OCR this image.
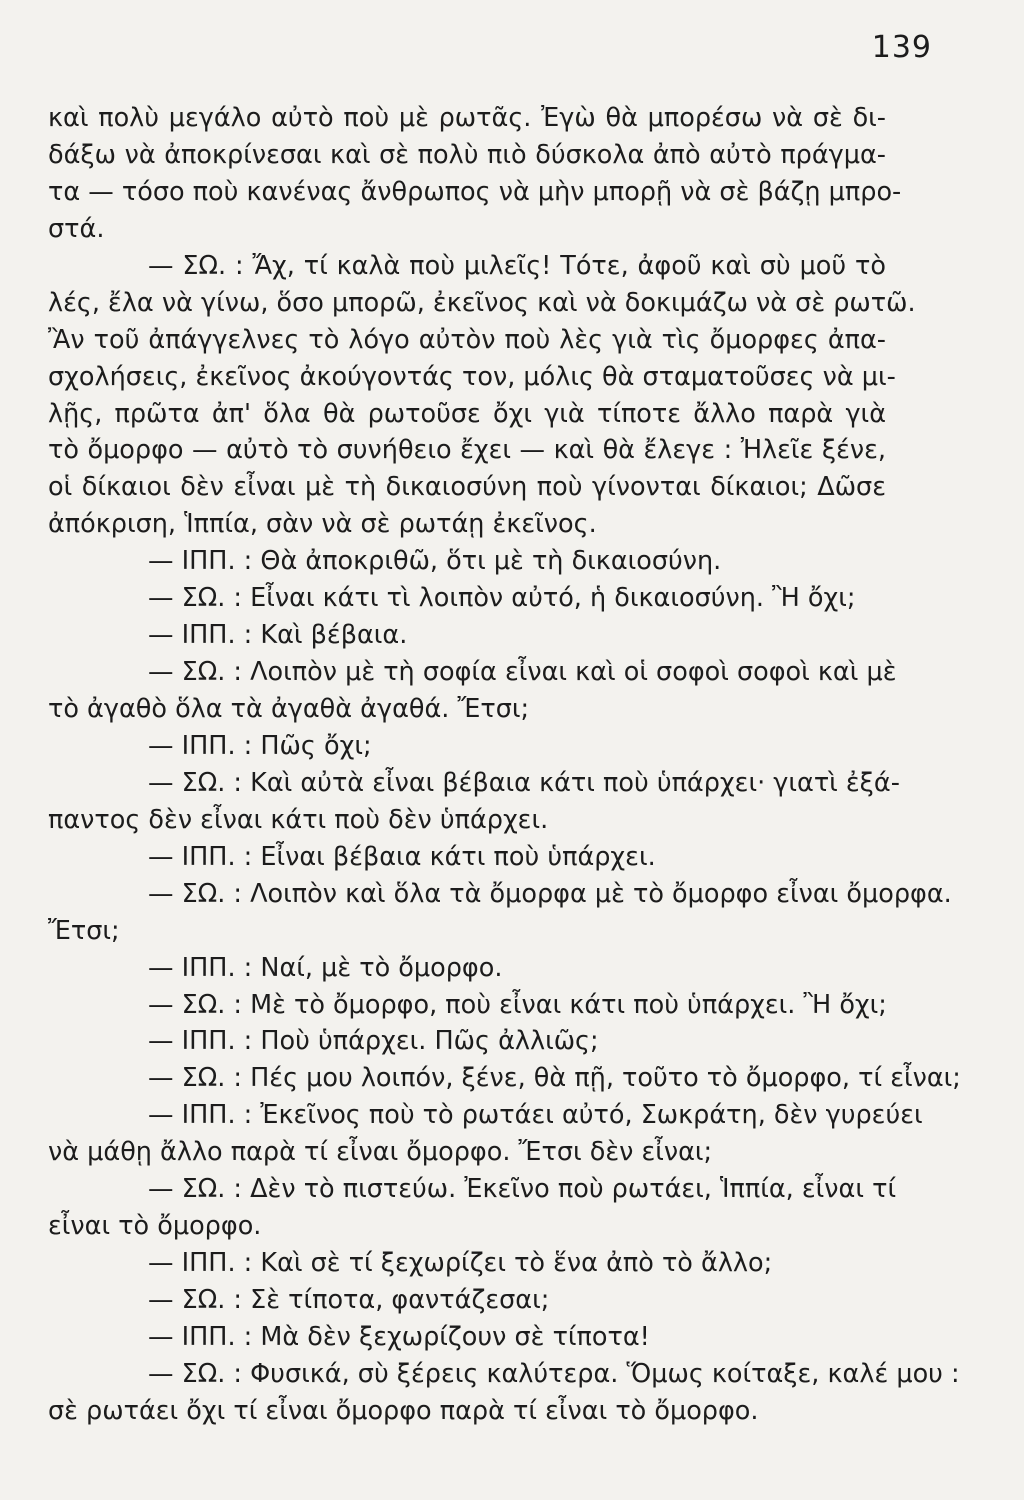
139
καὶ πολὺ μεγάλο αὐτὸ ποὺ μὲ ρωτᾶς. Ἐγὼ θὰ μπορέσω νὰ σὲ δι-
δάξω νὰ ἀποκρίνεσαι καὶ σὲ πολὺ πιὸ δύσκολα ἀπὸ αὐτὸ πράγμα-
τα — τόσο ποὺ κανένας ἄνθρωπος νὰ μὴν μπορῇ νὰ σὲ βάζῃ μπρο-
στά.
— ΣΩ. : Ἄχ, τί καλὰ ποὺ μιλεῖς! Τότε, ἀφοῦ καὶ σὺ μοῦ τὸ
λές, ἔλα νὰ γίνω, ὅσο μπορῶ, ἐκεῖνος καὶ νὰ δοκιμάζω νὰ σὲ ρωτῶ.
Ἂν τοῦ ἀπάγγελνες τὸ λόγο αὐτὸν ποὺ λὲς γιὰ τὶς ὄμορφες ἀπα-
σχολήσεις, ἐκεῖνος ἀκούγοντάς τον, μόλις θὰ σταματοῦσες νὰ μι-
λῇς, πρῶτα ἀπ' ὅλα θὰ ρωτοῦσε ὄχι γιὰ τίποτε ἄλλο παρὰ γιὰ
τὸ ὄμορφο — αὐτὸ τὸ συνήθειο ἔχει — καὶ θὰ ἔλεγε : Ἠλεῖε ξένε,
οἱ δίκαιοι δὲν εἶναι μὲ τὴ δικαιοσύνη ποὺ γίνονται δίκαιοι; Δῶσε
ἀπόκριση, Ἱππία, σὰν νὰ σὲ ρωτάῃ ἐκεῖνος.
— ΙΠΠ. : Θὰ ἀποκριθῶ, ὅτι μὲ τὴ δικαιοσύνη.
— ΣΩ. : Εἶναι κάτι τὶ λοιπὸν αὐτό, ἡ δικαιοσύνη. Ἢ ὄχι;
— ΙΠΠ. : Καὶ βέβαια.
— ΣΩ. : Λοιπὸν μὲ τὴ σοφία εἶναι καὶ οἱ σοφοὶ σοφοὶ καὶ μὲ
τὸ ἀγαθὸ ὅλα τὰ ἀγαθὰ ἀγαθά. Ἔτσι;
— ΙΠΠ. : Πῶς ὄχι;
— ΣΩ. : Καὶ αὐτὰ εἶναι βέβαια κάτι ποὺ ὑπάρχει· γιατὶ ἐξά-
παντος δὲν εἶναι κάτι ποὺ δὲν ὑπάρχει.
— ΙΠΠ. : Εἶναι βέβαια κάτι ποὺ ὑπάρχει.
— ΣΩ. : Λοιπὸν καὶ ὅλα τὰ ὄμορφα μὲ τὸ ὄμορφο εἶναι ὄμορφα.
Ἔτσι;
— ΙΠΠ. : Ναί, μὲ τὸ ὄμορφο.
— ΣΩ. : Μὲ τὸ ὄμορφο, ποὺ εἶναι κάτι ποὺ ὑπάρχει. Ἢ ὄχι;
— ΙΠΠ. : Ποὺ ὑπάρχει. Πῶς ἀλλιῶς;
— ΣΩ. : Πές μου λοιπόν, ξένε, θὰ πῇ, τοῦτο τὸ ὄμορφο, τί εἶναι;
— ΙΠΠ. : Ἐκεῖνος ποὺ τὸ ρωτάει αὐτό, Σωκράτη, δὲν γυρεύει
νὰ μάθῃ ἄλλο παρὰ τί εἶναι ὄμορφο. Ἔτσι δὲν εἶναι;
— ΣΩ. : Δὲν τὸ πιστεύω. Ἐκεῖνο ποὺ ρωτάει, Ἱππία, εἶναι τί
εἶναι τὸ ὄμορφο.
— ΙΠΠ. : Καὶ σὲ τί ξεχωρίζει τὸ ἕνα ἀπὸ τὸ ἄλλο;
— ΣΩ. : Σὲ τίποτα, φαντάζεσαι;
— ΙΠΠ. : Μὰ δὲν ξεχωρίζουν σὲ τίποτα!
— ΣΩ. : Φυσικά, σὺ ξέρεις καλύτερα. Ὅμως κοίταξε, καλέ μου :
σὲ ρωτάει ὄχι τί εἶναι ὄμορφο παρὰ τί εἶναι τὸ ὄμορφο.
